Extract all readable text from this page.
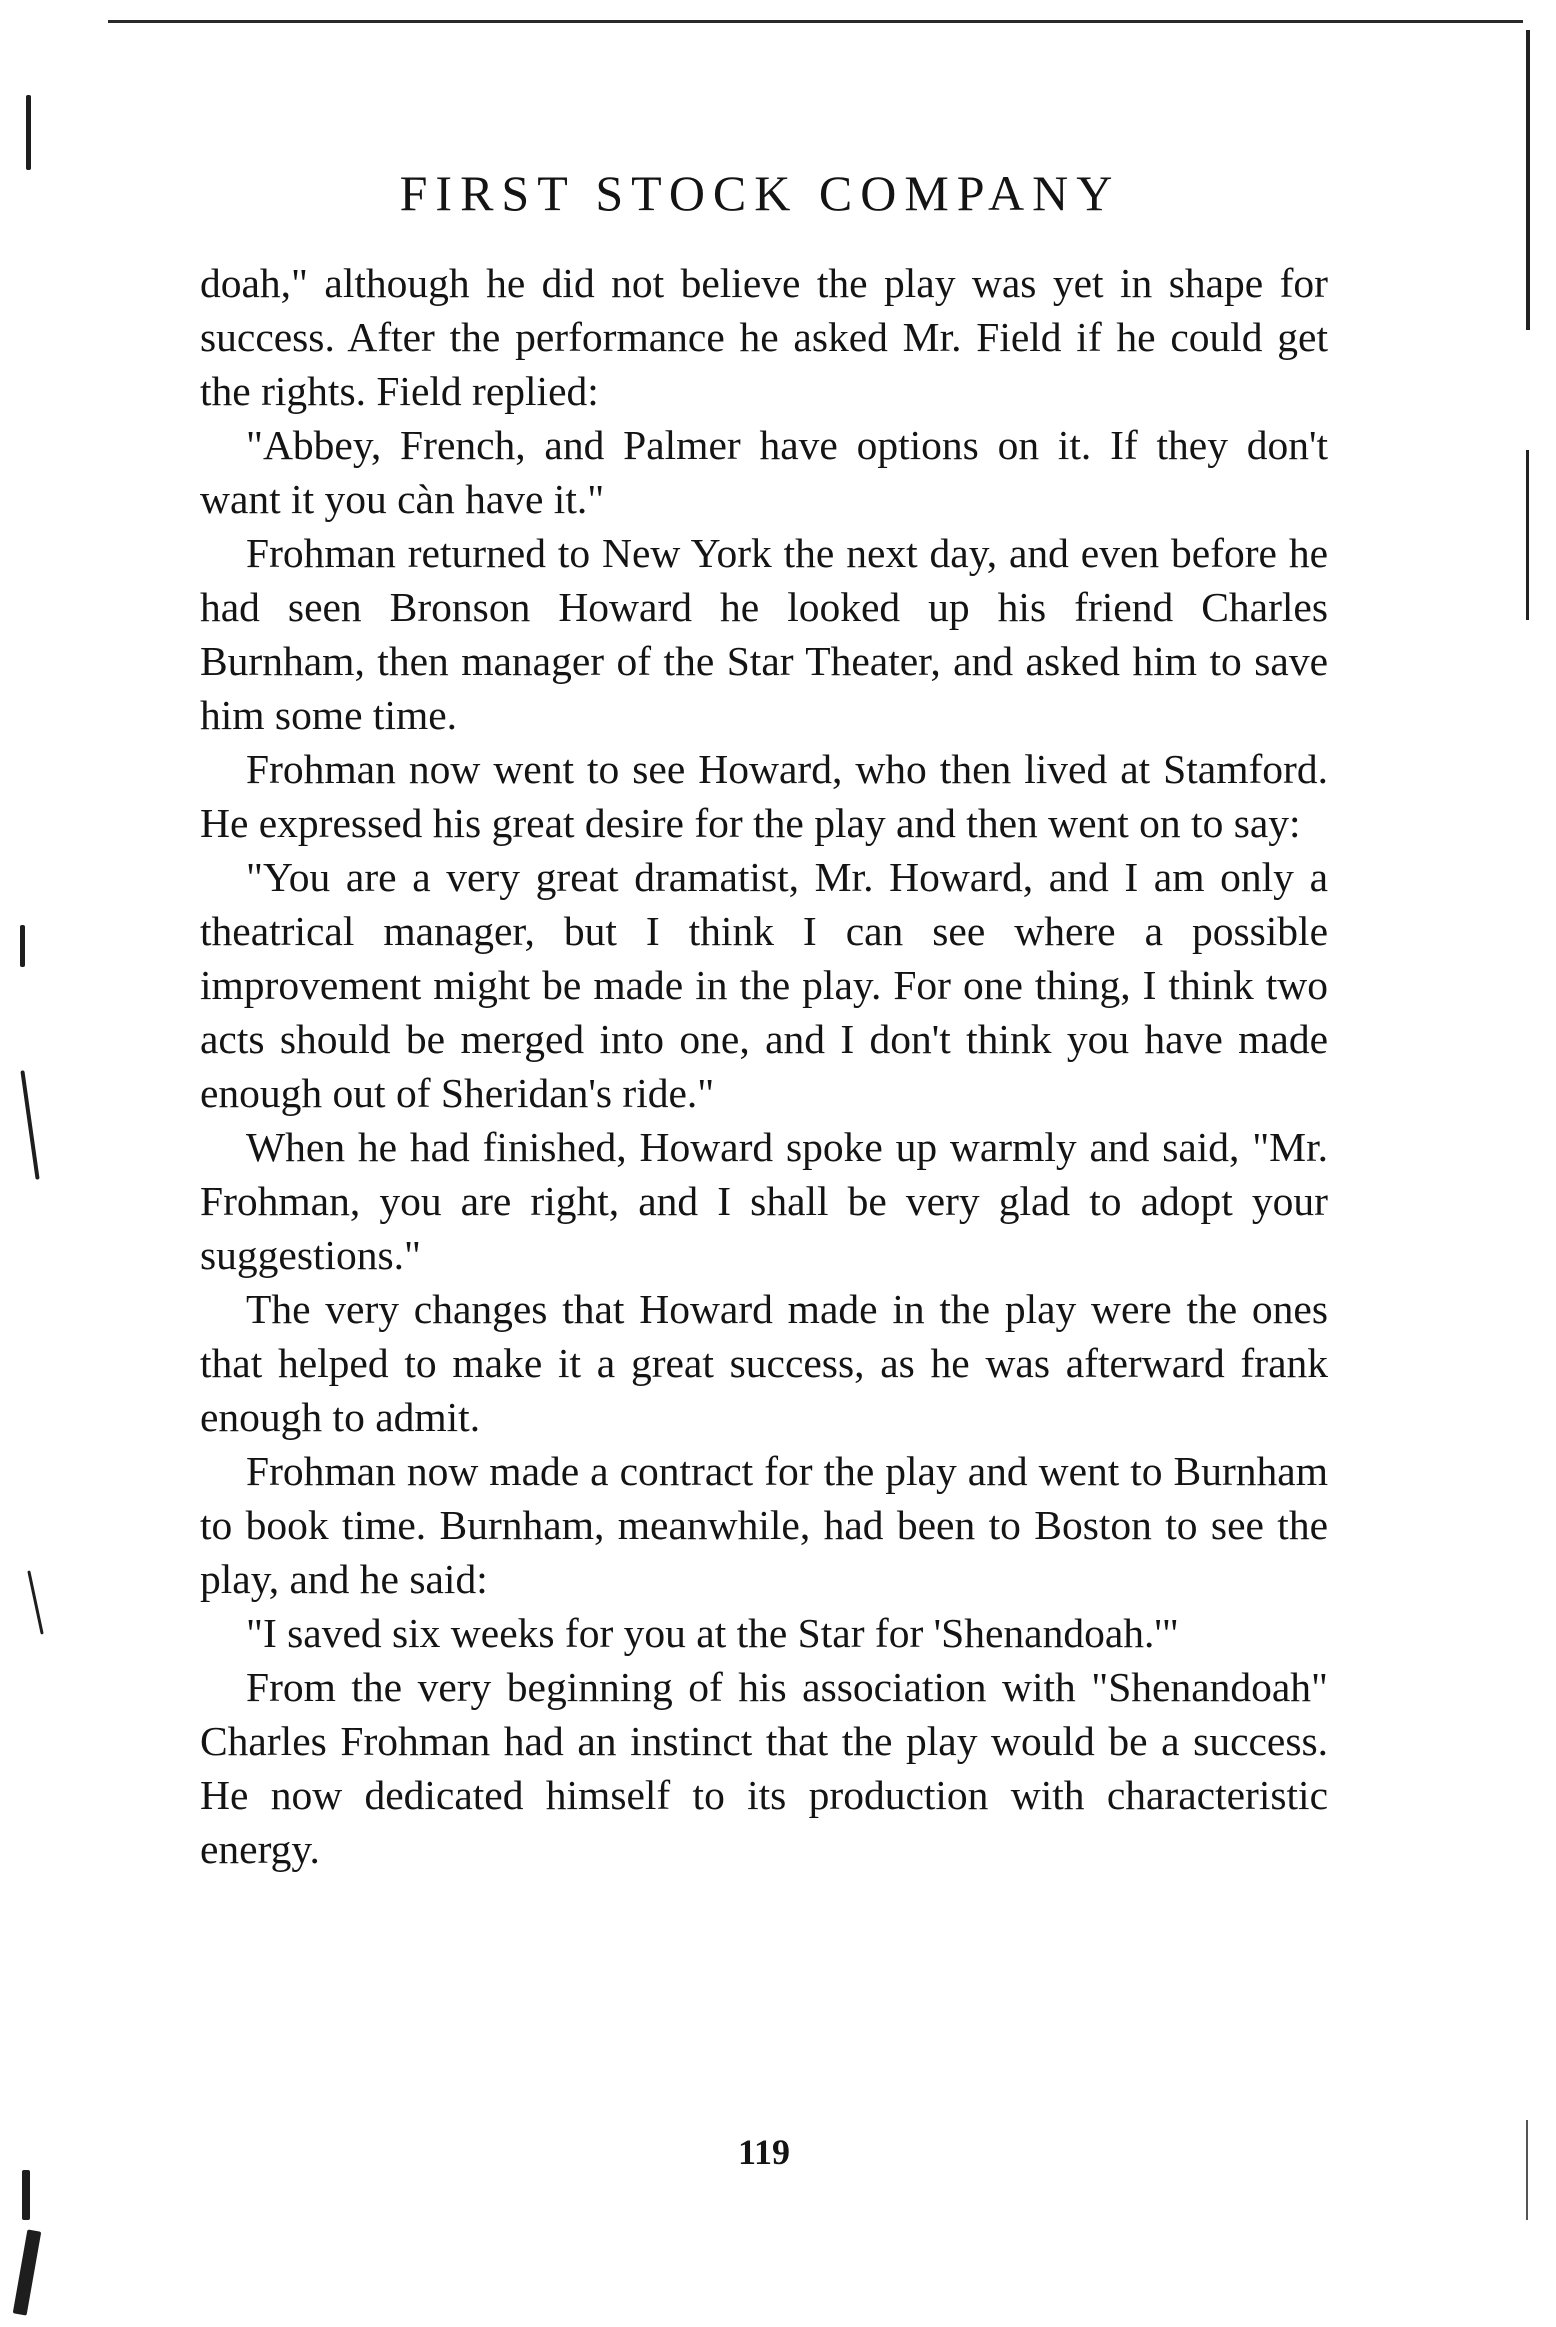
FIRST STOCK COMPANY

doah," although he did not believe the play was yet in shape for success. After the performance he asked Mr. Field if he could get the rights. Field replied:

"Abbey, French, and Palmer have options on it. If they don't want it you càn have it."

Frohman returned to New York the next day, and even before he had seen Bronson Howard he looked up his friend Charles Burnham, then manager of the Star Theater, and asked him to save him some time.

Frohman now went to see Howard, who then lived at Stamford. He expressed his great desire for the play and then went on to say:

"You are a very great dramatist, Mr. Howard, and I am only a theatrical manager, but I think I can see where a possible improvement might be made in the play. For one thing, I think two acts should be merged into one, and I don't think you have made enough out of Sheridan's ride."

When he had finished, Howard spoke up warmly and said, "Mr. Frohman, you are right, and I shall be very glad to adopt your suggestions."

The very changes that Howard made in the play were the ones that helped to make it a great success, as he was afterward frank enough to admit.

Frohman now made a contract for the play and went to Burnham to book time. Burnham, meanwhile, had been to Boston to see the play, and he said:

"I saved six weeks for you at the Star for 'Shenandoah.'"

From the very beginning of his association with "Shenandoah" Charles Frohman had an instinct that the play would be a success. He now dedicated himself to its production with characteristic energy.

119
